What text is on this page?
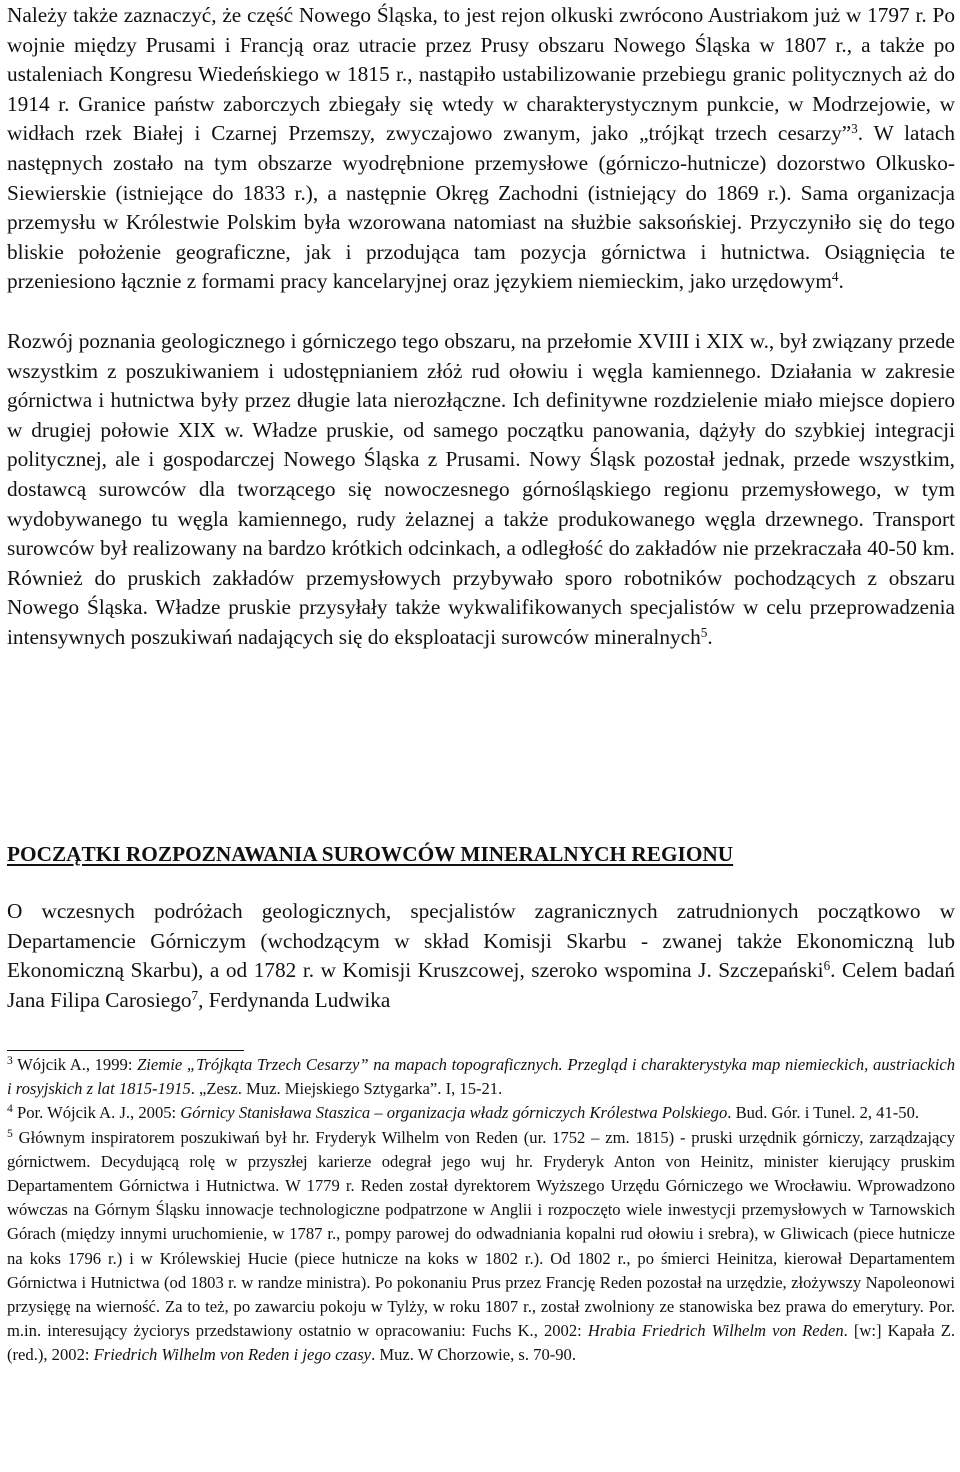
Należy także zaznaczyć, że część Nowego Śląska, to jest rejon olkuski zwrócono Austriakom już w 1797 r. Po wojnie między Prusami i Francją oraz utracie przez Prusy obszaru Nowego Śląska w 1807 r., a także po ustaleniach Kongresu Wiedeńskiego w 1815 r., nastąpiło ustabilizowanie przebiegu granic politycznych aż do 1914 r. Granice państw zaborczych zbiegały się wtedy w charakterystycznym punkcie, w Modrzejowie, w widłach rzek Białej i Czarnej Przemszy, zwyczajowo zwanym, jako „trójkąt trzech cesarzy”$^3$. W latach następnych zostało na tym obszarze wyodrębnione przemysłowe (górniczo-hutnicze) dozorstwo Olkusko-Siewierskie (istniejące do 1833 r.), a następnie Okręg Zachodni (istniejący do 1869 r.). Sama organizacja przemysłu w Królestwie Polskim była wzorowana natomiast na służbie saksońskiej. Przyczyniło się do tego bliskie położenie geograficzne, jak i przodująca tam pozycja górnictwa i hutnictwa. Osiągnięcia te przeniesiono łącznie z formami pracy kancelaryjnej oraz językiem niemieckim, jako urzędowym$^4$.

Rozwój poznania geologicznego i górniczego tego obszaru, na przełomie XVIII i XIX w., był związany przede wszystkim z poszukiwaniem i udostępnianiem złóż rud ołowiu i węgla kamiennego. Działania w zakresie górnictwa i hutnictwa były przez długie lata nierozłączne. Ich definitywne rozdzielenie miało miejsce dopiero w drugiej połowie XIX w. Władze pruskie, od samego początku panowania, dążyły do szybkiej integracji politycznej, ale i gospodarczej Nowego Śląska z Prusami. Nowy Śląsk pozostał jednak, przede wszystkim, dostawcą surowców dla tworzącego się nowoczesnego górnośląskiego regionu przemysłowego, w tym wydobywanego tu węgla kamiennego, rudy żelaznej a także produkowanego węgla drzewnego. Transport surowców był realizowany na bardzo krótkich odcinkach, a odległość do zakładów nie przekraczała 40-50 km. Również do pruskich zakładów przemysłowych przybywało sporo robotników pochodzących z obszaru Nowego Śląska. Władze pruskie przysyłały także wykwalifikowanych specjalistów w celu przeprowadzenia intensywnych poszukiwań nadających się do eksploatacji surowców mineralnych$^5$.

POCZĄTKI ROZPOZNAWANIA SUROWCÓW MINERALNYCH REGIONU

O wczesnych podróżach geologicznych, specjalistów zagranicznych zatrudnionych początkowo w Departamencie Górniczym (wchodzącym w skład Komisji Skarbu - zwanej także Ekonomiczną lub Ekonomiczną Skarbu), a od 1782 r. w Komisji Kruszcowej, szeroko wspomina J. Szczepański$^6$. Celem badań Jana Filipa Carosiego$^7$, Ferdynanda Ludwika

$^3$ Wójcik A., 1999: Ziemie „Trójkąta Trzech Cesarzy” na mapach topograficznych. Przegląd i charakterystyka map niemieckich, austriackich i rosyjskich z lat 1815-1915. „Zesz. Muz. Miejskiego Sztygarka”. I, 15-21.

$^4$ Por. Wójcik A. J., 2005: Górnicy Stanisława Staszica – organizacja władz górniczych Królestwa Polskiego. Bud. Gór. i Tunel. 2, 41-50.

$^5$ Głównym inspiratorem poszukiwań był hr. Fryderyk Wilhelm von Reden (ur. 1752 – zm. 1815) - pruski urzędnik górniczy, zarządzający górnictwem. Decydującą rolę w przyszłej karierze odegrał jego wuj hr. Fryderyk Anton von Heinitz, minister kierujący pruskim Departamentem Górnictwa i Hutnictwa. W 1779 r. Reden został dyrektorem Wyższego Urzędu Górniczego we Wrocławiu. Wprowadzono wówczas na Górnym Śląsku innowacje technologiczne podpatrzone w Anglii i rozpoczęto wiele inwestycji przemysłowych w Tarnowskich Górach (między innymi uruchomienie, w 1787 r., pompy parowej do odwadniania kopalni rud ołowiu i srebra), w Gliwicach (piece hutnicze na koks 1796 r.) i w Królewskiej Hucie (piece hutnicze na koks w 1802 r.). Od 1802 r., po śmierci Heinitza, kierował Departamentem Górnictwa i Hutnictwa (od 1803 r. w randze ministra). Po pokonaniu Prus przez Francję Reden pozostał na urzędzie, złożywszy Napoleonowi przysięgę na wierność. Za to też, po zawarciu pokoju w Tylży, w roku 1807 r., został zwolniony ze stanowiska bez prawa do emerytury. Por. m.in. interesujący życiorys przedstawiony ostatnio w opracowaniu: Fuchs K., 2002: Hrabia Friedrich Wilhelm von Reden. [w:] Kapała Z. (red.), 2002: Friedrich Wilhelm von Reden i jego czasy. Muz. W Chorzowie, s. 70-90.
